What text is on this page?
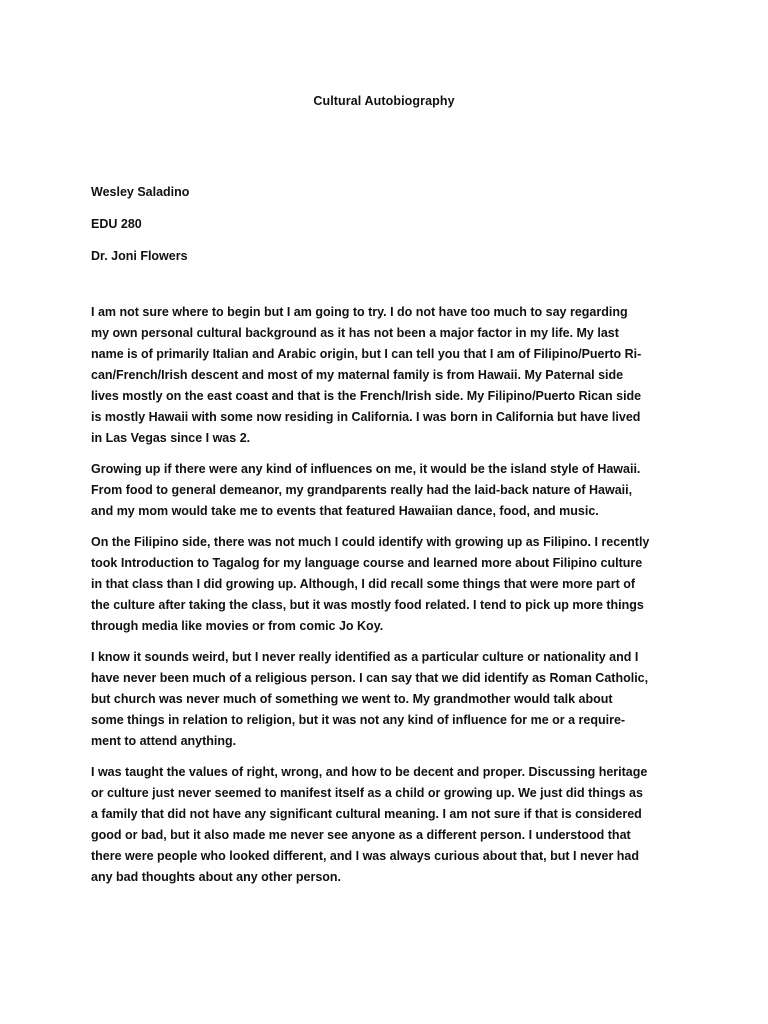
Cultural Autobiography
Wesley Saladino
EDU 280
Dr. Joni Flowers
I am not sure where to begin but I am going to try. I do not have too much to say regarding
my own personal cultural background as it has not been a major factor in my life. My last
name is of primarily Italian and Arabic origin, but I can tell you that I am of Filipino/Puerto Ri-
can/French/Irish descent and most of my maternal family is from Hawaii. My Paternal side
lives mostly on the east coast and that is the French/Irish side. My Filipino/Puerto Rican side
is mostly Hawaii with some now residing in California. I was born in California but have lived
in Las Vegas since I was 2.
Growing up if there were any kind of influences on me, it would be the island style of Hawaii.
From food to general demeanor, my grandparents really had the laid-back nature of Hawaii,
and my mom would take me to events that featured Hawaiian dance, food, and music.
On the Filipino side, there was not much I could identify with growing up as Filipino. I recently
took Introduction to Tagalog for my language course and learned more about Filipino culture
in that class than I did growing up. Although, I did recall some things that were more part of
the culture after taking the class, but it was mostly food related. I tend to pick up more things
through media like movies or from comic Jo Koy.
I know it sounds weird, but I never really identified as a particular culture or nationality and I
have never been much of a religious person. I can say that we did identify as Roman Catholic,
but church was never much of something we went to. My grandmother would talk about
some things in relation to religion, but it was not any kind of influence for me or a require-
ment to attend anything.
I was taught the values of right, wrong, and how to be decent and proper. Discussing heritage
or culture just never seemed to manifest itself as a child or growing up. We just did things as
a family that did not have any significant cultural meaning. I am not sure if that is considered
good or bad, but it also made me never see anyone as a different person. I understood that
there were people who looked different, and I was always curious about that, but I never had
any bad thoughts about any other person.
